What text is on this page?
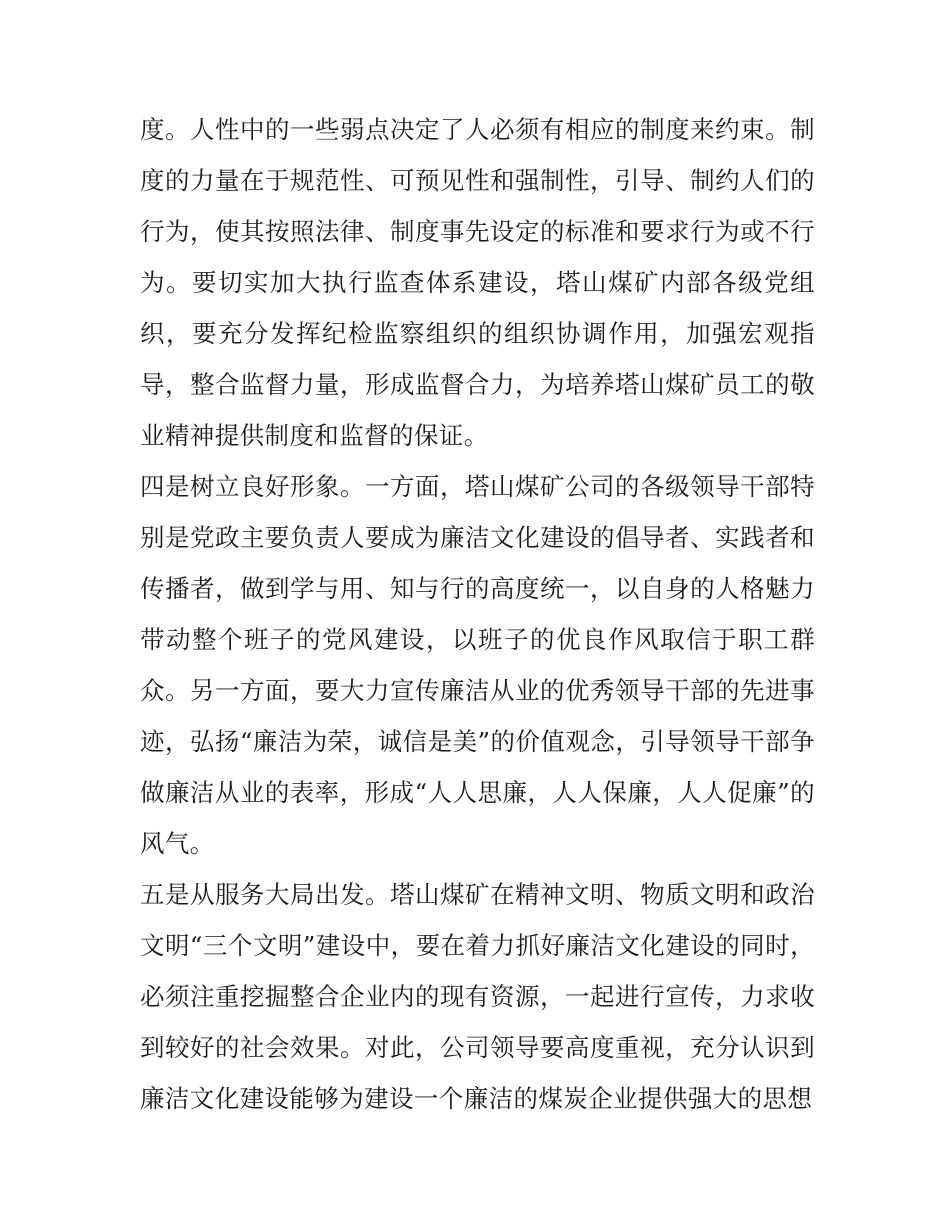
度。人性中的一些弱点决定了人必须有相应的制度来约束。制度的力量在于规范性、可预见性和强制性，引导、制约人们的行为，使其按照法律、制度事先设定的标准和要求行为或不行为。要切实加大执行监查体系建设，塔山煤矿内部各级党组织，要充分发挥纪检监察组织的组织协调作用，加强宏观指导，整合监督力量，形成监督合力，为培养塔山煤矿员工的敬业精神提供制度和监督的保证。

四是树立良好形象。一方面，塔山煤矿公司的各级领导干部特别是党政主要负责人要成为廉洁文化建设的倡导者、实践者和传播者，做到学与用、知与行的高度统一，以自身的人格魅力带动整个班子的党风建设，以班子的优良作风取信于职工群众。另一方面，要大力宣传廉洁从业的优秀领导干部的先进事迹，弘扬“廉洁为荣，诚信是美”的价值观念，引导领导干部争做廉洁从业的表率，形成“人人思廉，人人保廉，人人促廉”的风气。

五是从服务大局出发。塔山煤矿在精神文明、物质文明和政治文明“三个文明”建设中，要在着力抓好廉洁文化建设的同时，必须注重挖掘整合企业内的现有资源，一起进行宣传，力求收到较好的社会效果。对此，公司领导要高度重视，充分认识到廉洁文化建设能够为建设一个廉洁的煤炭企业提供强大的思想
